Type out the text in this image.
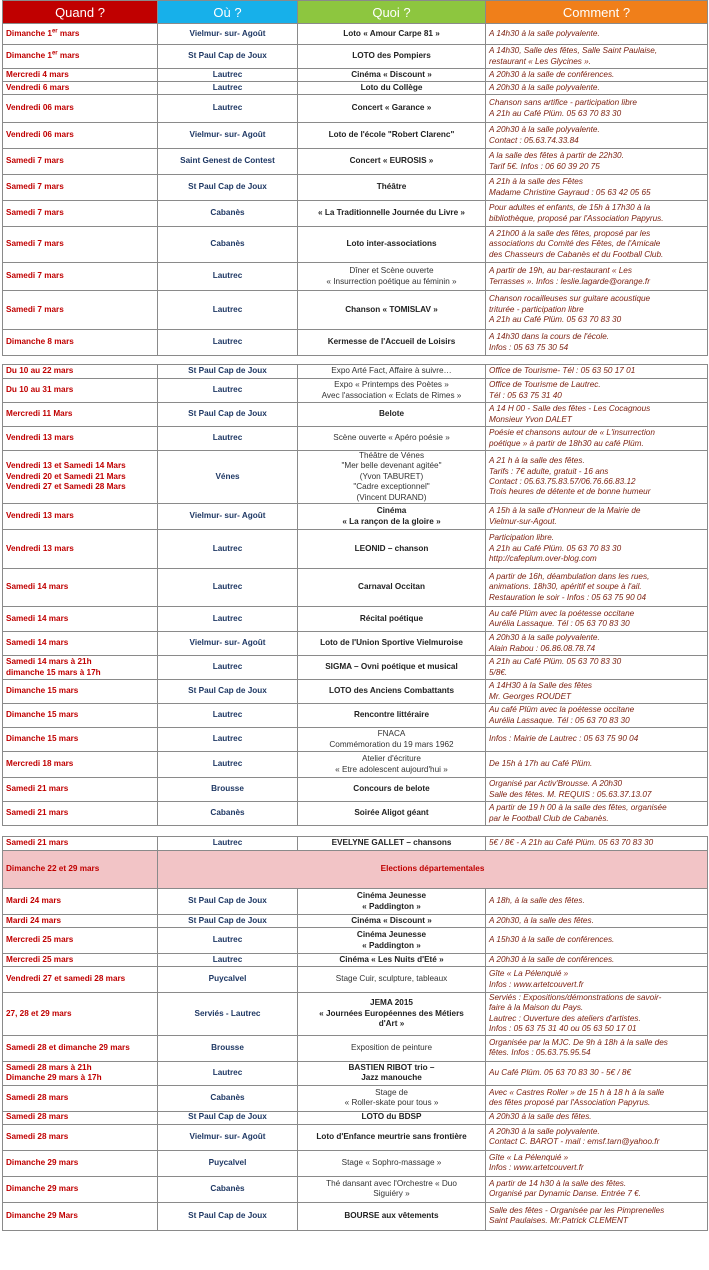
Quand ?	Où ?	Quoi ?	Comment ?
Dimanche 1er mars	Vielmur- sur- Agoût	Loto « Amour Carpe 81 »	A 14h30 à la salle polyvalente.
Dimanche 1er mars	St Paul Cap de Joux	LOTO des Pompiers	A 14h30, Salle des fêtes, Salle Saint Paulaise,
restaurant « Les Glycines ».
Mercredi 4 mars	Lautrec	Cinéma « Discount »	A 20h30 à la salle de conférences.
Vendredi 6 mars	Lautrec	Loto du Collège	A 20h30 à la salle polyvalente.
Vendredi 06 mars	Lautrec	Concert « Garance »	Chanson sans artifice - participation libre
A 21h au Café Plüm. 05 63 70 83 30
Vendredi 06 mars	Vielmur- sur- Agoût	Loto de l'école "Robert Clarenc"	A 20h30 à la salle polyvalente.
Contact : 05.63.74.33.84
Samedi 7 mars	Saint Genest de Contest	Concert « EUROSIS »	A la salle des fêtes à partir de 22h30.
Tarif 5€. Infos : 06 60 39 20 75
Samedi 7 mars	St Paul Cap de Joux	Théâtre	A 21h à la salle des Fêtes
Madame Christine Gayraud : 05 63 42 05 65
Samedi 7 mars	Cabanès	« La Traditionnelle Journée du Livre »	Pour adultes et enfants, de 15h à 17h30 à la
bibliothèque, proposé par l'Association Papyrus.
Samedi 7 mars	Cabanès	Loto inter-associations	A 21h00 à la salle des fêtes, proposé par les
associations du Comité des Fêtes, de l'Amicale
des Chasseurs de Cabanès et du Football Club.
Samedi 7 mars	Lautrec	Dîner et Scène ouverte
« Insurrection poétique au féminin »	A partir de 19h, au bar-restaurant « Les
Terrasses ». Infos : leslie.lagarde@orange.fr
Samedi 7 mars	Lautrec	Chanson « TOMISLAV »	Chanson rocailleuses sur guitare acoustique
triturée - participation libre
A 21h au Café Plüm. 05 63 70 83 30
Dimanche 8 mars	Lautrec	Kermesse de l'Accueil de Loisirs	A 14h30 dans la cours de l'école.
Infos : 05 63 75 30 54
Du 10 au 22 mars	St Paul Cap de Joux	Expo Arté Fact, Affaire à suivre…	Office de Tourisme- Tél : 05 63 50 17 01
Du 10 au 31 mars	Lautrec	Expo « Printemps des Poètes »
Avec l'association « Eclats de Rimes »	Office de Tourisme de Lautrec.
Tél : 05 63 75 31 40
Mercredi 11 Mars	St Paul Cap de Joux	Belote	A 14 H 00 - Salle des fêtes - Les Cocagnous
Monsieur Yvon DALET
Vendredi 13 mars	Lautrec	Scène ouverte « Apéro poésie »	Poésie et chansons autour de « L'insurrection
poétique » à partir de 18h30 au café Plüm.
Vendredi 13 et Samedi 14 Mars
Vendredi 20 et Samedi 21 Mars
Vendredi 27 et Samedi 28 Mars	Vénes	Théâtre de Vénes
"Mer belle devenant agitée"
(Yvon TABURET)
"Cadre exceptionnel"
(Vincent DURAND)	A 21 h à la salle des fêtes.
Tarifs : 7€ adulte, gratuit - 16 ans
Contact : 05.63.75.83.57/06.76.66.83.12
Trois heures de détente et de bonne humeur
Vendredi 13 mars	Vielmur- sur- Agoût	Cinéma
« La rançon de la gloire »	A 15h à la salle d'Honneur de la Mairie de
Vielmur-sur-Agout.
Vendredi 13 mars	Lautrec	LEONID – chanson	Participation libre.
A 21h au Café Plüm. 05 63 70 83 30
http://cafeplum.over-blog.com
Samedi 14 mars	Lautrec	Carnaval Occitan	A partir de 16h, déambulation dans les rues,
animations. 18h30, apéritif et soupe à l'ail.
Restauration le soir - Infos : 05 63 75 90 04
Samedi 14 mars	Lautrec	Récital poétique	Au café Plüm avec la poétesse occitane
Aurélia Lassaque. Tél : 05 63 70 83 30
Samedi 14 mars	Vielmur- sur- Agoût	Loto de l'Union Sportive Vielmuroise	A 20h30 à la salle polyvalente.
Alain Rabou : 06.86.08.78.74
Samedi 14 mars à 21h
dimanche 15 mars à 17h	Lautrec	SIGMA – Ovni poétique et musical	A 21h au Café Plüm. 05 63 70 83 30
5/8€.
Dimanche 15 mars	St Paul Cap de Joux	LOTO des Anciens Combattants	A 14H30 à la Salle des fêtes
Mr. Georges ROUDET
Dimanche 15 mars	Lautrec	Rencontre littéraire	Au café Plüm avec la poétesse occitane
Aurélia Lassaque. Tél : 05 63 70 83 30
Dimanche 15 mars	Lautrec	FNACA
Commémoration du 19 mars 1962	Infos : Mairie de Lautrec : 05 63 75 90 04
Mercredi 18 mars	Lautrec	Atelier d'écriture
« Etre adolescent aujourd'hui »	De 15h à 17h au Café Plüm.
Samedi 21 mars	Brousse	Concours de belote	Organisé par Activ'Brousse. A 20h30
Salle des fêtes. M. REQUIS : 05.63.37.13.07
Samedi 21 mars	Cabanès	Soirée Aligot géant	A partir de 19 h 00 à la salle des fêtes, organisée
par le Football Club de Cabanès.
Samedi 21 mars	Lautrec	EVELYNE GALLET – chansons	5€ / 8€ - A 21h au Café Plüm. 05 63 70 83 30
Dimanche 22 et 29 mars	Elections départementales		
Mardi 24 mars	St Paul Cap de Joux	Cinéma Jeunesse
« Paddington »	A 18h, à la salle des fêtes.
Mardi 24 mars	St Paul Cap de Joux	Cinéma « Discount »	A 20h30, à la salle des fêtes.
Mercredi 25 mars	Lautrec	Cinéma Jeunesse
« Paddington »	A 15h30 à la salle de conférences.
Mercredi 25 mars	Lautrec	Cinéma « Les Nuits d'Eté »	A 20h30 à la salle de conférences.
Vendredi 27 et samedi 28 mars	Puycalvel	Stage Cuir, sculpture, tableaux	Gîte « La Pélenquié »
Infos : www.artetcouvert.fr
27, 28 et 29 mars	Serviés - Lautrec	JEMA 2015
« Journées Européennes des Métiers
d'Art »	Serviés : Expositions/démonstrations de savoir-
faire à la Maison du Pays.
Lautrec : Ouverture des ateliers d'artistes.
Infos : 05 63 75 31 40 ou 05 63 50 17 01
Samedi 28 et dimanche 29 mars	Brousse	Exposition de peinture	Organisée par la MJC. De 9h à 18h à la salle des
fêtes. Infos : 05.63.75.95.54
Samedi 28 mars à 21h
Dimanche 29 mars à 17h	Lautrec	BASTIEN RIBOT trio –
Jazz manouche	Au Café Plüm. 05 63 70 83 30 - 5€ / 8€
Samedi 28 mars	Cabanès	Stage de
« Roller-skate pour tous »	Avec « Castres Roller » de 15 h à 18 h à la salle
des fêtes proposé par l'Association Papyrus.
Samedi 28 mars	St Paul Cap de Joux	LOTO du BDSP	A 20h30 à la salle des fêtes.
Samedi 28 mars	Vielmur- sur- Agoût	Loto d'Enfance meurtrie sans frontière	A 20h30 à la salle polyvalente.
Contact C. BAROT - mail : emsf.tarn@yahoo.fr
Dimanche 29 mars	Puycalvel	Stage « Sophro-massage »	Gîte « La Pélenquié »
Infos : www.artetcouvert.fr
Dimanche 29 mars	Cabanès	Thé dansant avec l'Orchestre « Duo
Siguiéry »	A partir de 14 h30 à la salle des fêtes.
Organisé par Dynamic Danse. Entrée 7 €.
Dimanche 29 Mars	St Paul Cap de Joux	BOURSE aux vêtements	Salle des fêtes - Organisée par les Pimprenelles
Saint Paulaises. Mr.Patrick CLEMENT
